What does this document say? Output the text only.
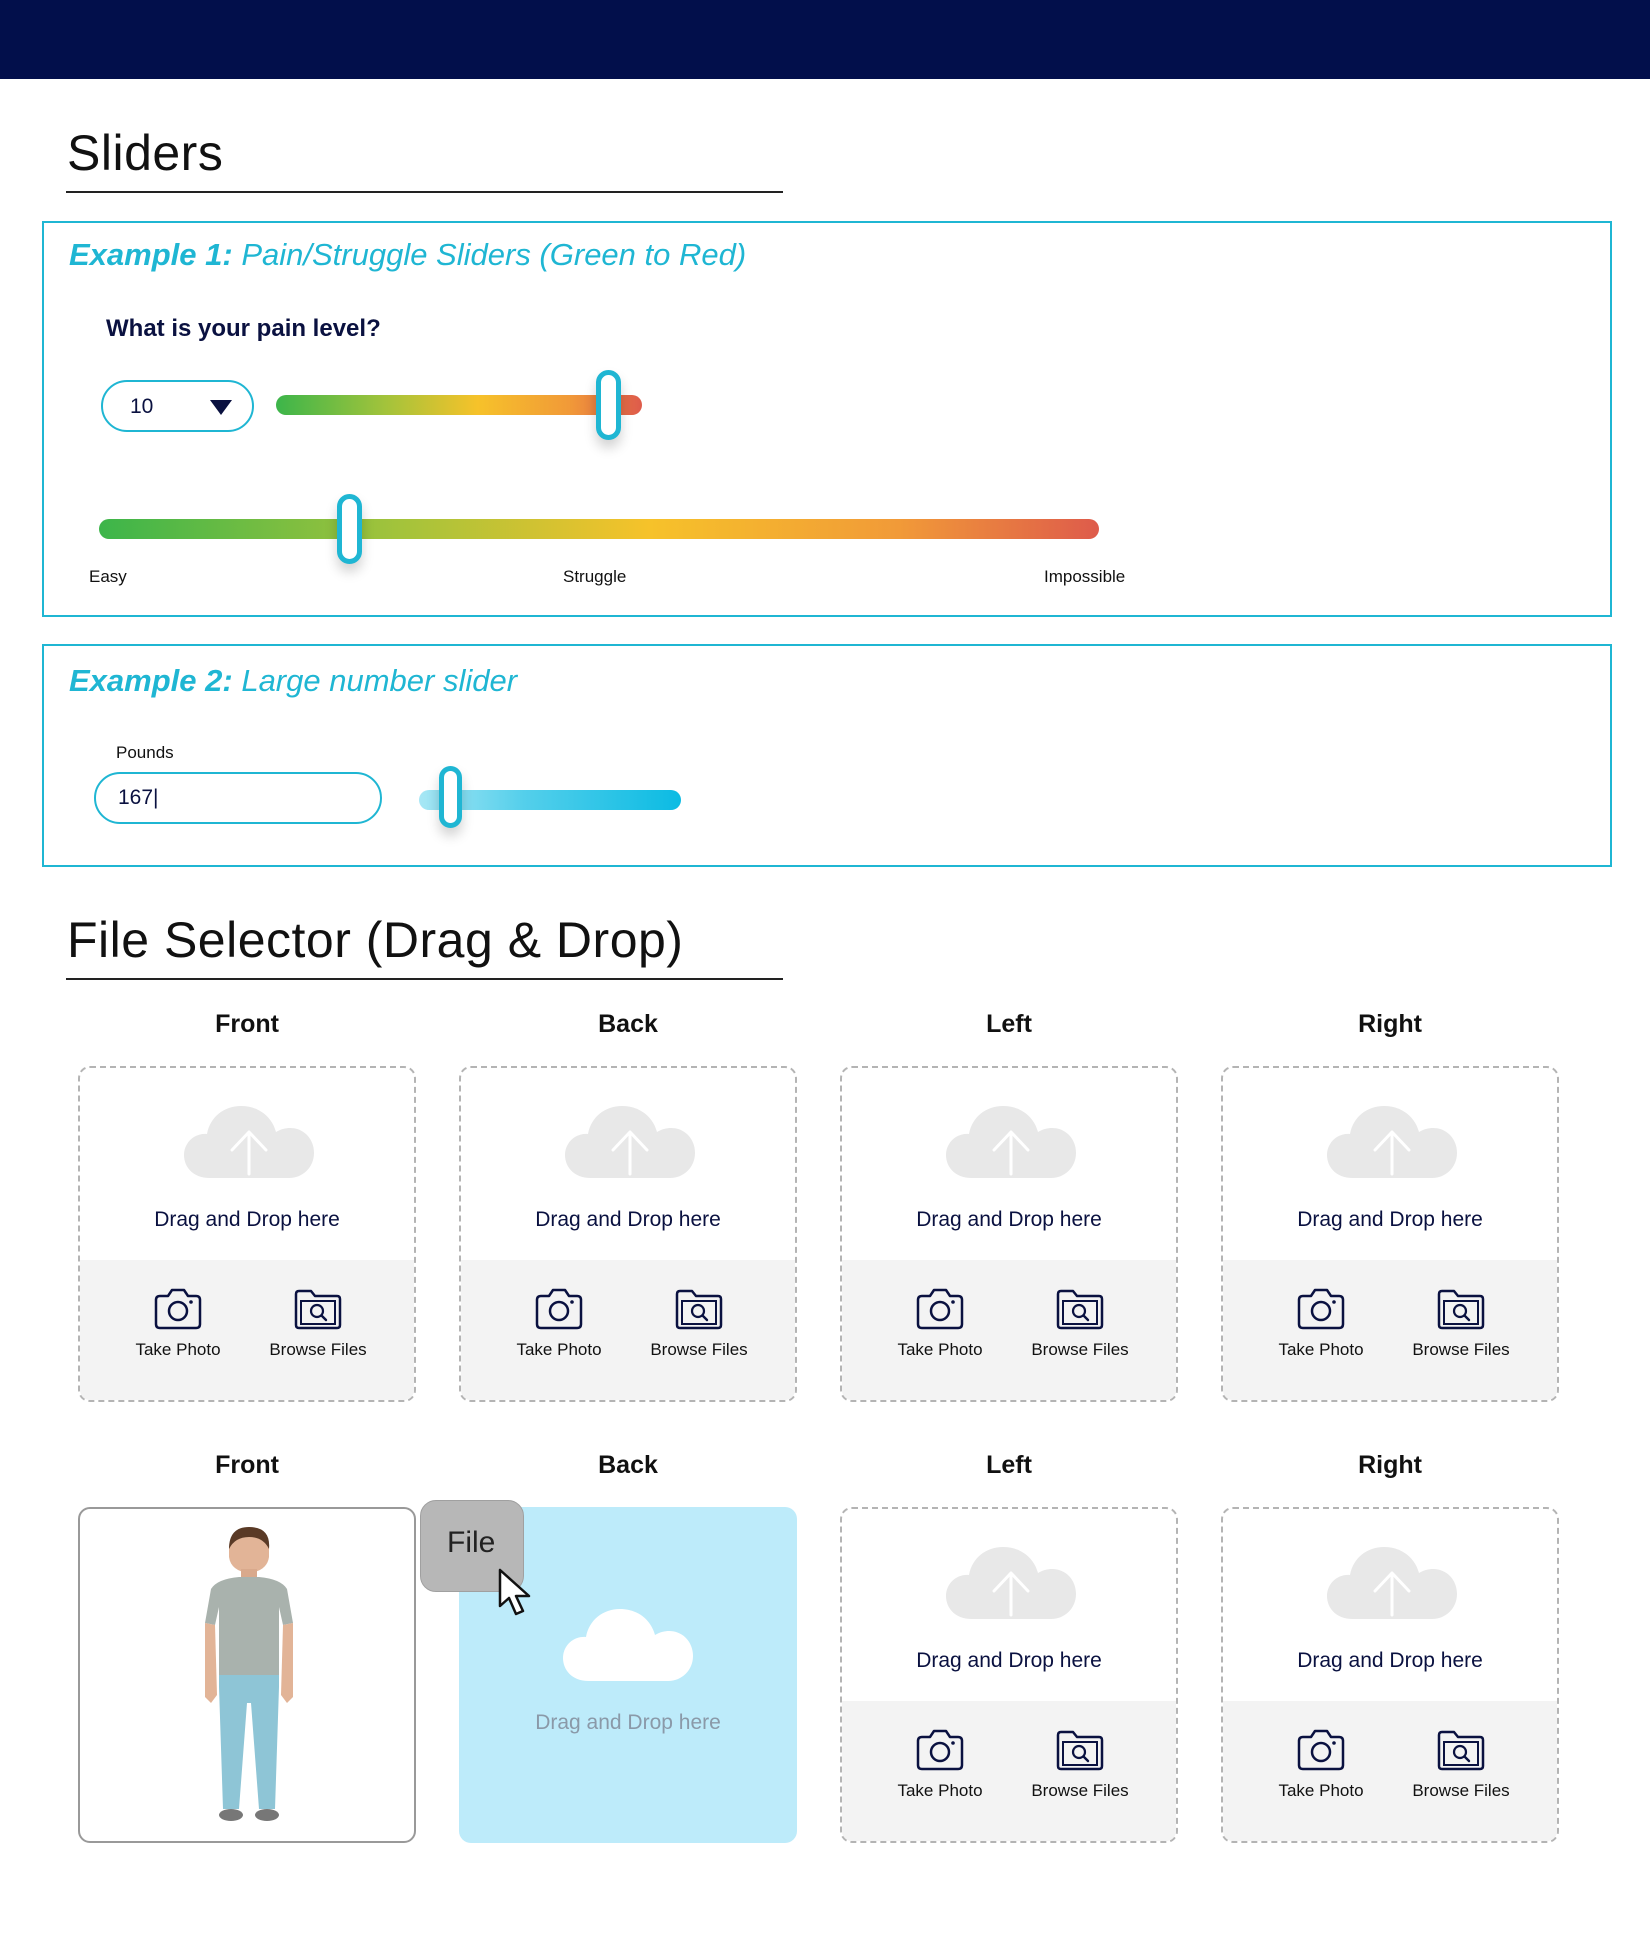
Sliders
Example 1: Pain/Struggle Sliders (Green to Red)
What is your pain level?
10
Easy	Struggle	Impossible
Example 2: Large number slider
Pounds
167|
File Selector (Drag & Drop)
Front
Drag and Drop here
Take Photo	Browse Files
Back
Drag and Drop here
Take Photo	Browse Files
Left
Drag and Drop here
Take Photo	Browse Files
Right
Drag and Drop here
Take Photo	Browse Files
Front	Back
Drag and Drop here
Left
Drag and Drop here
Take Photo	Browse Files
Right
Drag and Drop here
Take Photo	Browse Files
File
